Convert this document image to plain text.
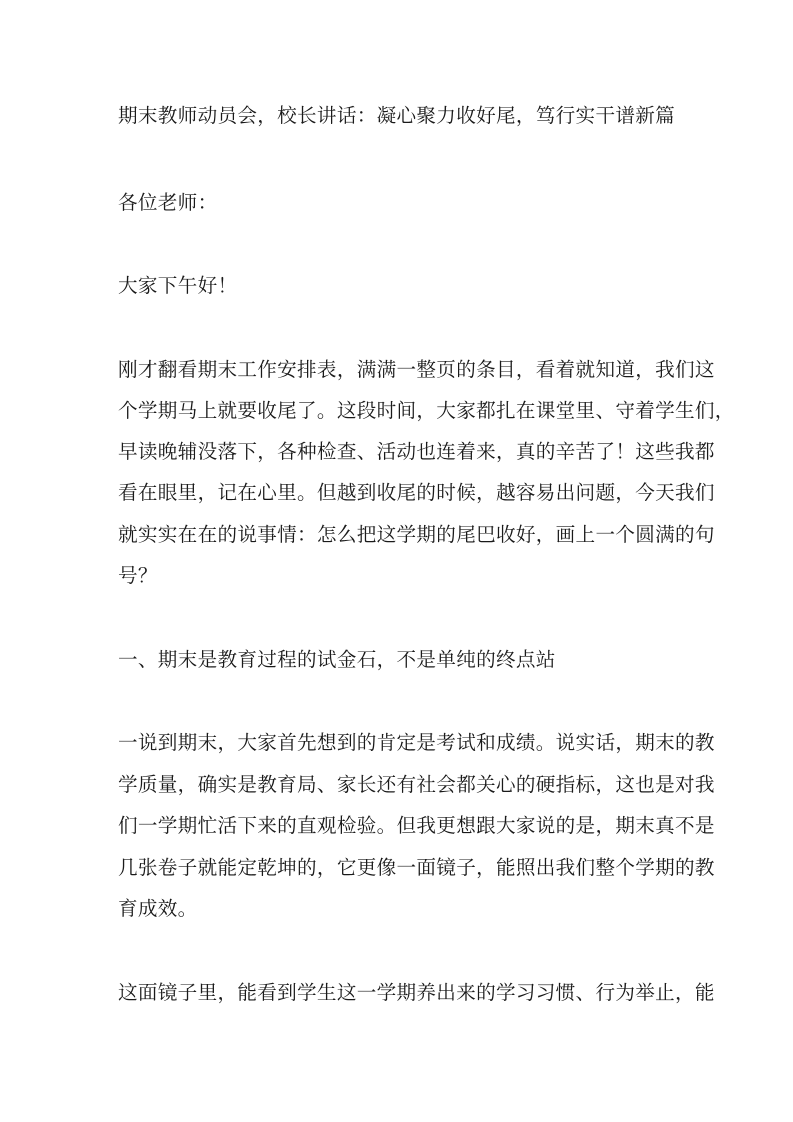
期末教师动员会，校长讲话：凝心聚力收好尾，笃行实干谱新篇
各位老师：
大家下午好！
刚才翻看期末工作安排表，满满一整页的条目，看着就知道，我们这
个学期马上就要收尾了。这段时间，大家都扎在课堂里、守着学生们，
早读晚辅没落下，各种检查、活动也连着来，真的辛苦了！这些我都
看在眼里，记在心里。但越到收尾的时候，越容易出问题，今天我们
就实实在在的说事情：怎么把这学期的尾巴收好，画上一个圆满的句
号？
一、期末是教育过程的试金石，不是单纯的终点站
一说到期末，大家首先想到的肯定是考试和成绩。说实话，期末的教
学质量，确实是教育局、家长还有社会都关心的硬指标，这也是对我
们一学期忙活下来的直观检验。但我更想跟大家说的是，期末真不是
几张卷子就能定乾坤的，它更像一面镜子，能照出我们整个学期的教
育成效。
这面镜子里，能看到学生这一学期养出来的学习习惯、行为举止，能
